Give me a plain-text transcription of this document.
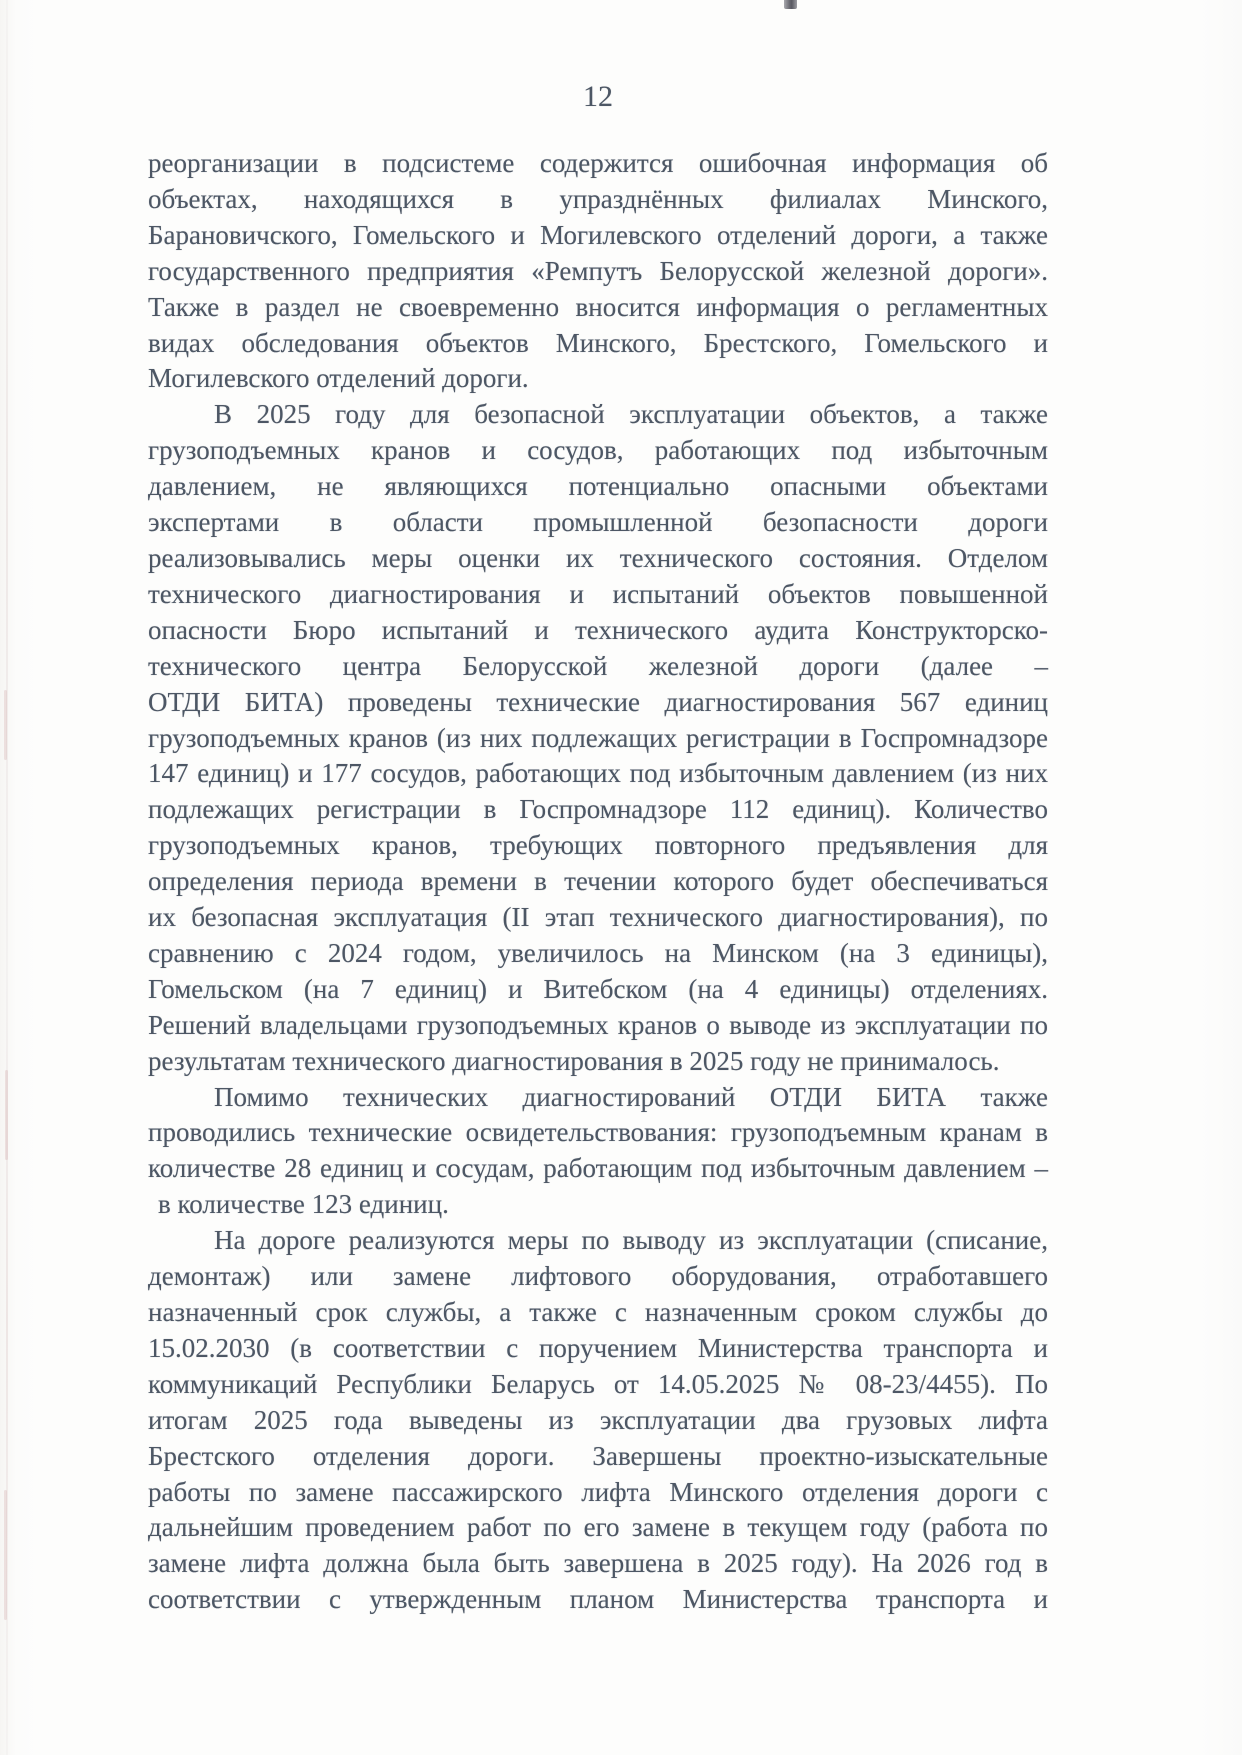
12
реорганизации в подсистеме содержится ошибочная информация об
объектах, находящихся в упразднённых филиалах Минского,
Барановичского, Гомельского и Могилевского отделений дороги, а также
государственного предприятия «Ремпутъ Белорусской железной дороги».
Также в раздел не своевременно вносится информация о регламентных
видах обследования объектов Минского, Брестского, Гомельского и
Могилевского отделений дороги.
В 2025 году для безопасной эксплуатации объектов, а также
грузоподъемных кранов и сосудов, работающих под избыточным
давлением, не являющихся потенциально опасными объектами
экспертами в области промышленной безопасности дороги
реализовывались меры оценки их технического состояния. Отделом
технического диагностирования и испытаний объектов повышенной
опасности Бюро испытаний и технического аудита Конструкторско-
технического центра Белорусской железной дороги (далее –
ОТДИ БИТА) проведены технические диагностирования 567 единиц
грузоподъемных кранов (из них подлежащих регистрации в Госпромнадзоре
147 единиц) и 177 сосудов, работающих под избыточным давлением (из них
подлежащих регистрации в Госпромнадзоре 112 единиц). Количество
грузоподъемных кранов, требующих повторного предъявления для
определения периода времени в течении которого будет обеспечиваться
их безопасная эксплуатация (II этап технического диагностирования), по
сравнению с 2024 годом, увеличилось на Минском (на 3 единицы),
Гомельском (на 7 единиц) и Витебском (на 4 единицы) отделениях.
Решений владельцами грузоподъемных кранов о выводе из эксплуатации по
результатам технического диагностирования в 2025 году не принималось.
Помимо технических диагностирований ОТДИ БИТА также
проводились технические освидетельствования: грузоподъемным кранам в
количестве 28 единиц и сосудам, работающим под избыточным давлением –
в количестве 123 единиц.
На дороге реализуются меры по выводу из эксплуатации (списание,
демонтаж) или замене лифтового оборудования, отработавшего
назначенный срок службы, а также с назначенным сроком службы до
15.02.2030 (в соответствии с поручением Министерства транспорта и
коммуникаций Республики Беларусь от 14.05.2025 № 08-23/4455). По
итогам 2025 года выведены из эксплуатации два грузовых лифта
Брестского отделения дороги. Завершены проектно-изыскательные
работы по замене пассажирского лифта Минского отделения дороги с
дальнейшим проведением работ по его замене в текущем году (работа по
замене лифта должна была быть завершена в 2025 году). На 2026 год в
соответствии с утвержденным планом Министерства транспорта и
